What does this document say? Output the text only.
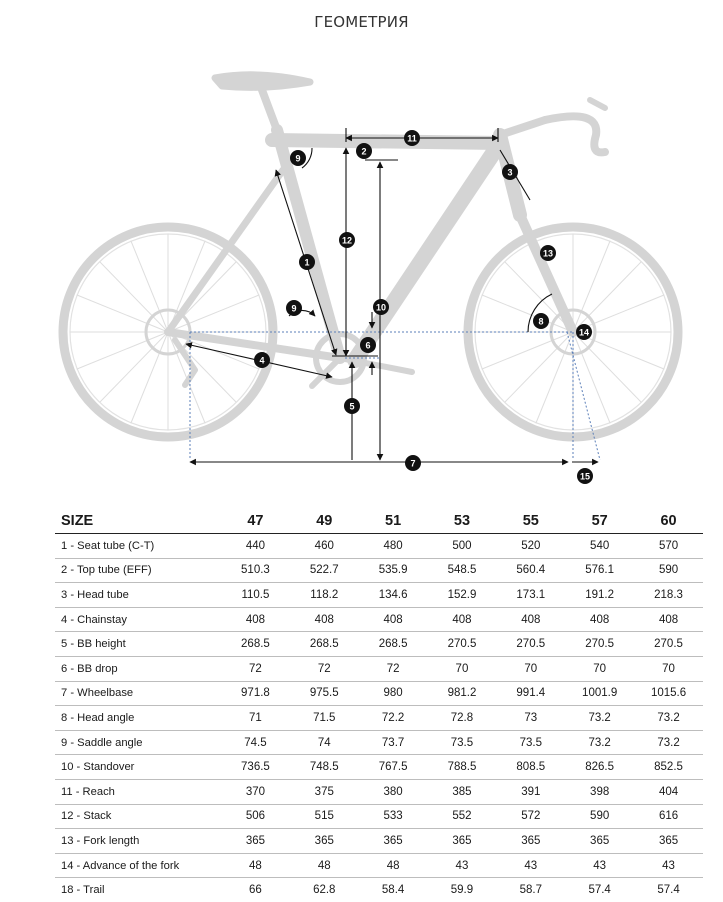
ГЕОМЕТРИЯ
1
2
3
4
5
6
7
8
9
9	10
11
12
13
14
15
SIZE	47	49	51	53	55	57	60
1 - Seat tube (C-T)	440	460	480	500	520	540	570
2 - Top tube (EFF)	510.3	522.7	535.9	548.5	560.4	576.1	590
3 - Head tube	110.5	118.2	134.6	152.9	173.1	191.2	218.3
4 - Chainstay	408	408	408	408	408	408	408
5 - BB height	268.5	268.5	268.5	270.5	270.5	270.5	270.5
6 - BB drop	72	72	72	70	70	70	70
7 - Wheelbase	971.8	975.5	980	981.2	991.4	1001.9	1015.6
8 - Head angle	71	71.5	72.2	72.8	73	73.2	73.2
9 - Saddle angle	74.5	74	73.7	73.5	73.5	73.2	73.2
10 - Standover	736.5	748.5	767.5	788.5	808.5	826.5	852.5
11 - Reach	370	375	380	385	391	398	404
12 - Stack	506	515	533	552	572	590	616
13 - Fork length	365	365	365	365	365	365	365
14 - Advance of the fork	48	48	48	43	43	43	43
18 - Trail	66	62.8	58.4	59.9	58.7	57.4	57.4
